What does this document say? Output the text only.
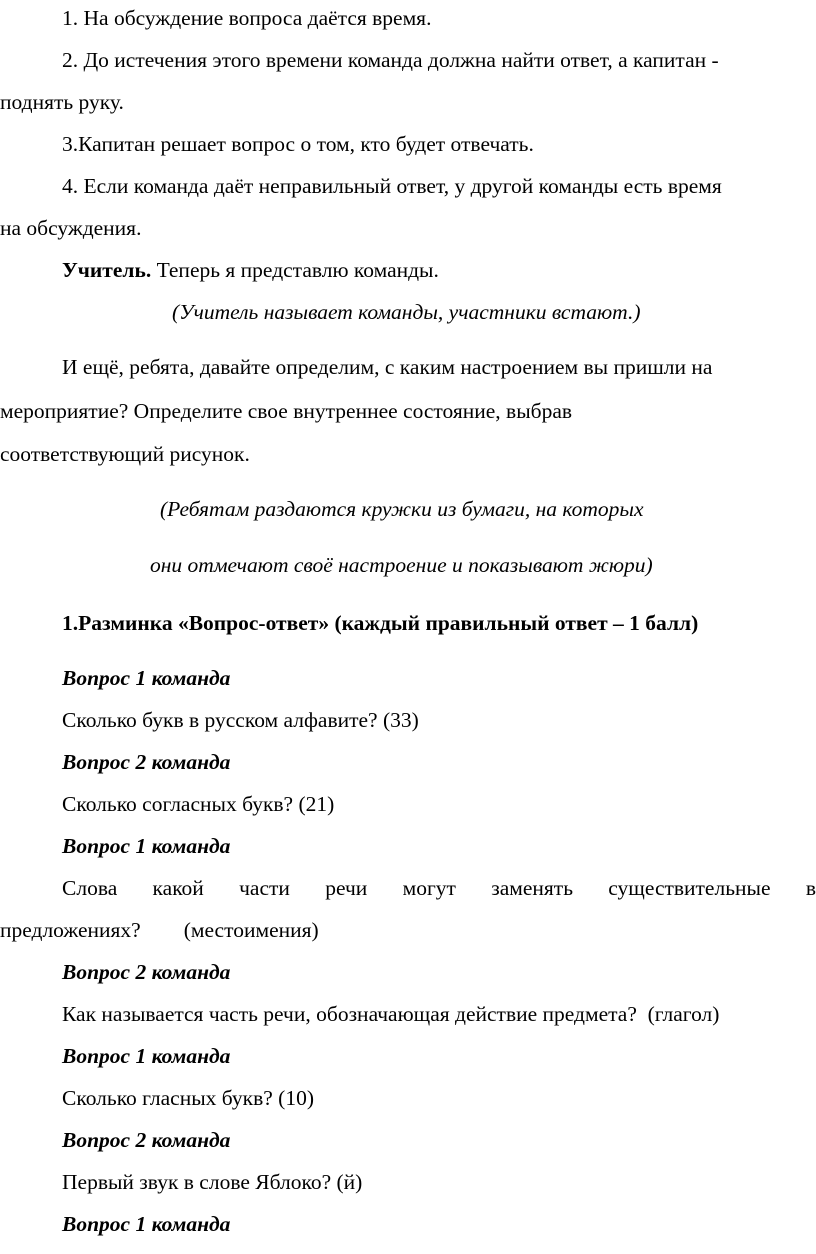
1. На обсуждение вопроса даётся время.
2. До истечения этого времени команда должна найти ответ, а капитан -
поднять руку.
3.Капитан решает вопрос о том, кто будет отвечать.
4. Если команда даёт неправильный ответ, у другой команды есть время
на обсуждения.
Учитель. Теперь я представлю команды.
(Учитель называет команды, участники встают.)
И ещё, ребята, давайте определим, с каким настроением вы пришли на
мероприятие? Определите свое внутреннее состояние, выбрав
соответствующий рисунок.
(Ребятам раздаются кружки из бумаги, на которых
они отмечают своё настроение и показывают жюри)
1.Разминка «Вопрос-ответ» (каждый правильный ответ – 1 балл)
Вопрос 1 команда
Сколько букв в русском алфавите? (33)
Вопрос 2 команда
Сколько согласных букв? (21)
Вопрос 1 команда
Слова какой части речи могут заменять существительные в
предложениях?        (местоимения)
Вопрос 2 команда
Как называется часть речи, обозначающая действие предмета?  (глагол)
Вопрос 1 команда
Сколько гласных букв? (10)
Вопрос 2 команда
Первый звук в слове Яблоко? (й)
Вопрос 1 команда
